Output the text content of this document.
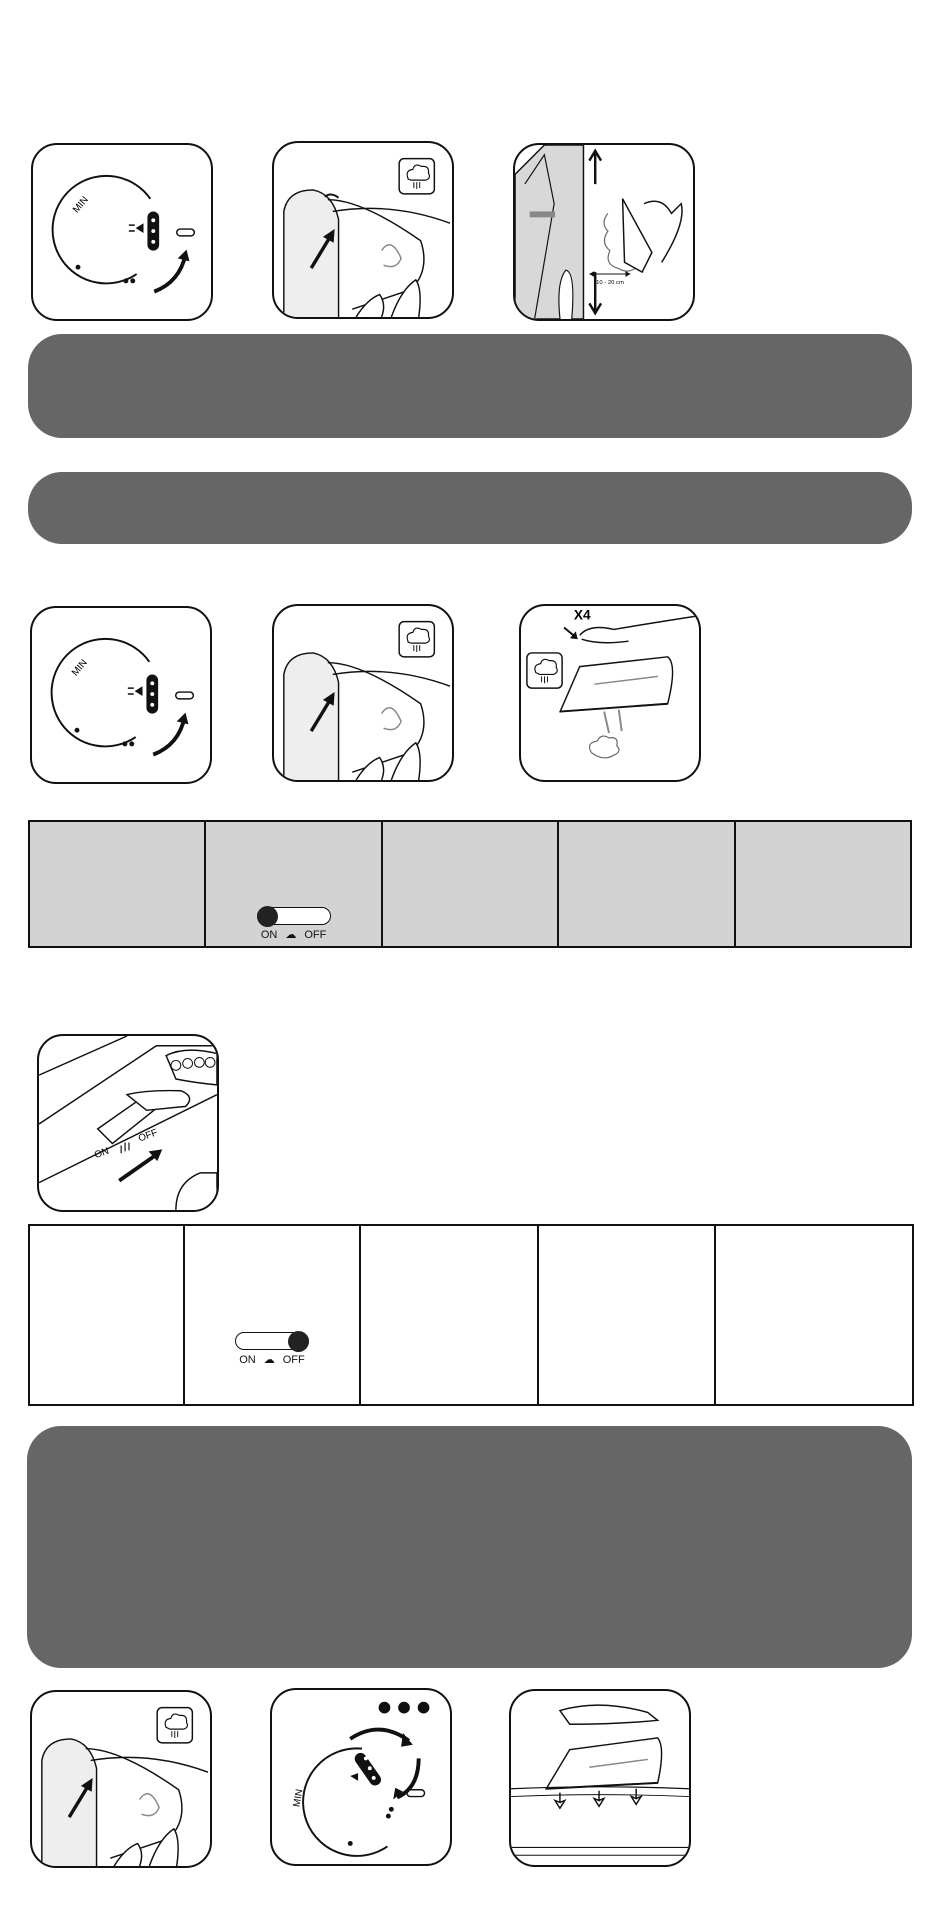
MIN
10 - 20 cm
MIN
X4

ON ☁ OFF

ON
OFF

ON ☁ OFF

MIN
